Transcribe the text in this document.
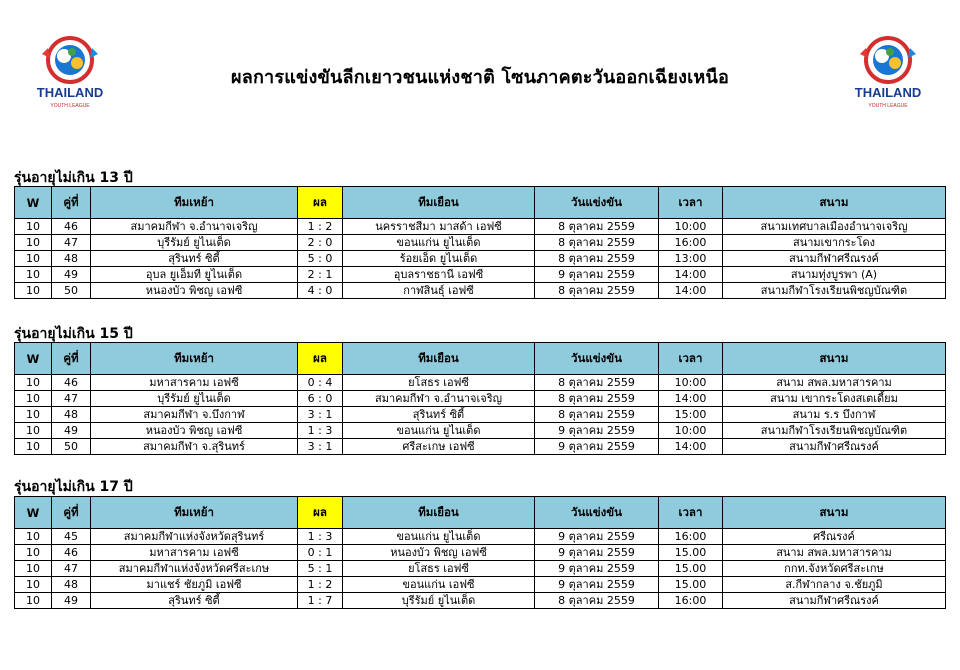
THAILAND
YOUTH LEAGUE
THAILAND
YOUTH LEAGUE
ผลการแข่งขันลีกเยาวชนแห่งชาติ โซนภาคตะวันออกเฉียงเหนือ
รุ่นอายุไม่เกิน 13 ปี
W	คู่ที่	ทีมเหย้า	ผล	ทีมเยือน	วันแข่งขัน	เวลา	สนาม
10	46	สมาคมกีฬา จ.อำนาจเจริญ	1 : 2	นครราชสีมา มาสด้า เอฟซี	8 ตุลาคม 2559	10:00	สนามเทศบาลเมืองอำนาจเจริญ
10	47	บุรีรัมย์ ยูไนเต็ด	2 : 0	ขอนแก่น ยูไนเต็ด	8 ตุลาคม 2559	16:00	สนามเขากระโดง
10	48	สุรินทร์ ซิตี้	5 : 0	ร้อยเอ็ด ยูไนเต็ด	8 ตุลาคม 2559	13:00	สนามกีฬาศรีณรงค์
10	49	อุบล ยูเอ็มที ยูไนเต็ด	2 : 1	อุบลราชธานี เอฟซี	9 ตุลาคม 2559	14:00	สนามทุ่งบูรพา (A)
10	50	หนองบัว พิชญ เอฟซี	4 : 0	กาฬสินธุ์ เอฟซี	8 ตุลาคม 2559	14:00	สนามกีฬาโรงเรียนพิชญบัณฑิต
รุ่นอายุไม่เกิน 15 ปี
W	คู่ที่	ทีมเหย้า	ผล	ทีมเยือน	วันแข่งขัน	เวลา	สนาม
10	46	มหาสารคาม เอฟซี	0 : 4	ยโสธร เอฟซี	8 ตุลาคม 2559	10:00	สนาม สพล.มหาสารคาม
10	47	บุรีรัมย์ ยูไนเต็ด	6 : 0	สมาคมกีฬา จ.อำนาจเจริญ	8 ตุลาคม 2559	14:00	สนาม เขากระโดงสเตเดี้ยม
10	48	สมาคมกีฬา จ.บึงกาฬ	3 : 1	สุรินทร์ ซิตี้	8 ตุลาคม 2559	15:00	สนาม ร.ร บึงกาฬ
10	49	หนองบัว พิชญ เอฟซี	1 : 3	ขอนแก่น ยูไนเต็ด	9 ตุลาคม 2559	10:00	สนามกีฬาโรงเรียนพิชญบัณฑิต
10	50	สมาคมกีฬา จ.สุรินทร์	3 : 1	ศรีสะเกษ เอฟซี	9 ตุลาคม 2559	14:00	สนามกีฬาศรีณรงค์
รุ่นอายุไม่เกิน 17 ปี
W	คู่ที่	ทีมเหย้า	ผล	ทีมเยือน	วันแข่งขัน	เวลา	สนาม
10	45	สมาคมกีฬาแห่งจังหวัดสุรินทร์	1 : 3	ขอนแก่น ยูไนเต็ด	9 ตุลาคม 2559	16:00	ศรีณรงค์
10	46	มหาสารคาม เอฟซี	0 : 1	หนองบัว พิชญ เอฟซี	9 ตุลาคม 2559	15.00	สนาม สพล.มหาสารคาม
10	47	สมาคมกีฬาแห่งจังหวัดศรีสะเกษ	5 : 1	ยโสธร เอฟซี	9 ตุลาคม 2559	15.00	กกท.จังหวัดศรีสะเกษ
10	48	มาแชร์ ชัยภูมิ เอฟซี	1 : 2	ขอนแก่น เอฟซี	9 ตุลาคม 2559	15.00	ส.กีฬากลาง จ.ชัยภูมิ
10	49	สุรินทร์ ซิตี้	1 : 7	บุรีรัมย์ ยูไนเต็ด	8 ตุลาคม 2559	16:00	สนามกีฬาศรีณรงค์
